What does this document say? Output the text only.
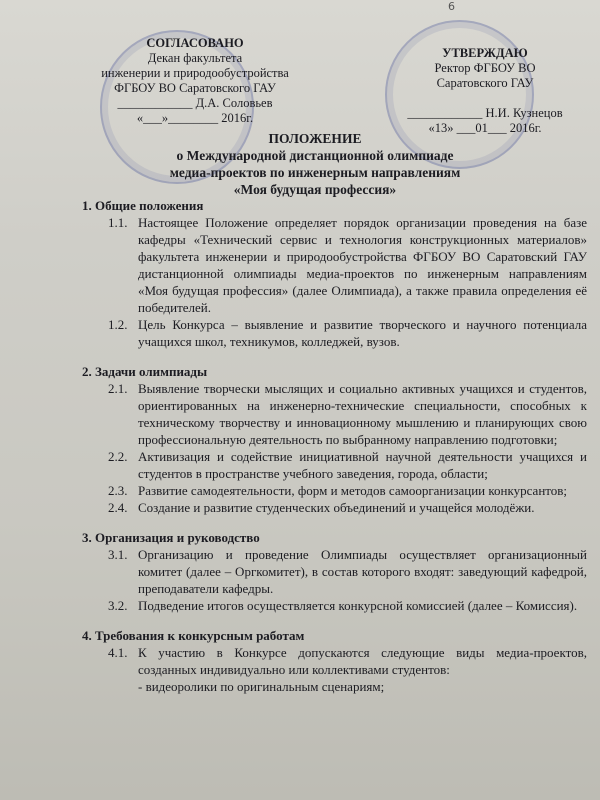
6
СОГЛАСОВАНО
Декан факультета
инженерии и природообустройства
ФГБОУ ВО Саратовского ГАУ
____________ Д.А. Соловьев
«___»________ 2016г.
УТВЕРЖДАЮ
Ректор ФГБОУ ВО
Саратовского ГАУ
____________ Н.И. Кузнецов
«13» ___01___ 2016г.
ПОЛОЖЕНИЕ
о Международной дистанционной олимпиаде
медиа-проектов по инженерным направлениям
«Моя будущая профессия»
1. Общие положения
1.1. Настоящее Положение определяет порядок организации проведения на базе кафедры «Технический сервис и технология конструкционных материалов» факультета инженерии и природообустройства ФГБОУ ВО Саратовский ГАУ дистанционной олимпиады медиа-проектов по инженерным направлениям «Моя будущая профессия» (далее Олимпиада), а также правила определения её победителей.
1.2. Цель Конкурса – выявление и развитие творческого и научного потенциала учащихся школ, техникумов, колледжей, вузов.
2. Задачи олимпиады
2.1. Выявление творчески мыслящих и социально активных учащихся и студентов, ориентированных на инженерно-технические специальности, способных к техническому творчеству и инновационному мышлению и планирующих свою профессиональную деятельность по выбранному направлению подготовки;
2.2. Активизация и содействие инициативной научной деятельности учащихся и студентов в пространстве учебного заведения, города, области;
2.3. Развитие самодеятельности, форм и методов самоорганизации конкурсантов;
2.4. Создание и развитие студенческих объединений и учащейся молодёжи.
3. Организация и руководство
3.1. Организацию и проведение Олимпиады осуществляет организационный комитет (далее – Оргкомитет), в состав которого входят: заведующий кафедрой, преподаватели кафедры.
3.2. Подведение итогов осуществляется конкурсной комиссией (далее – Комиссия).
4. Требования к конкурсным работам
4.1. К участию в Конкурсе допускаются следующие виды медиа-проектов, созданных индивидуально или коллективами студентов:
- видеоролики по оригинальным сценариям;
